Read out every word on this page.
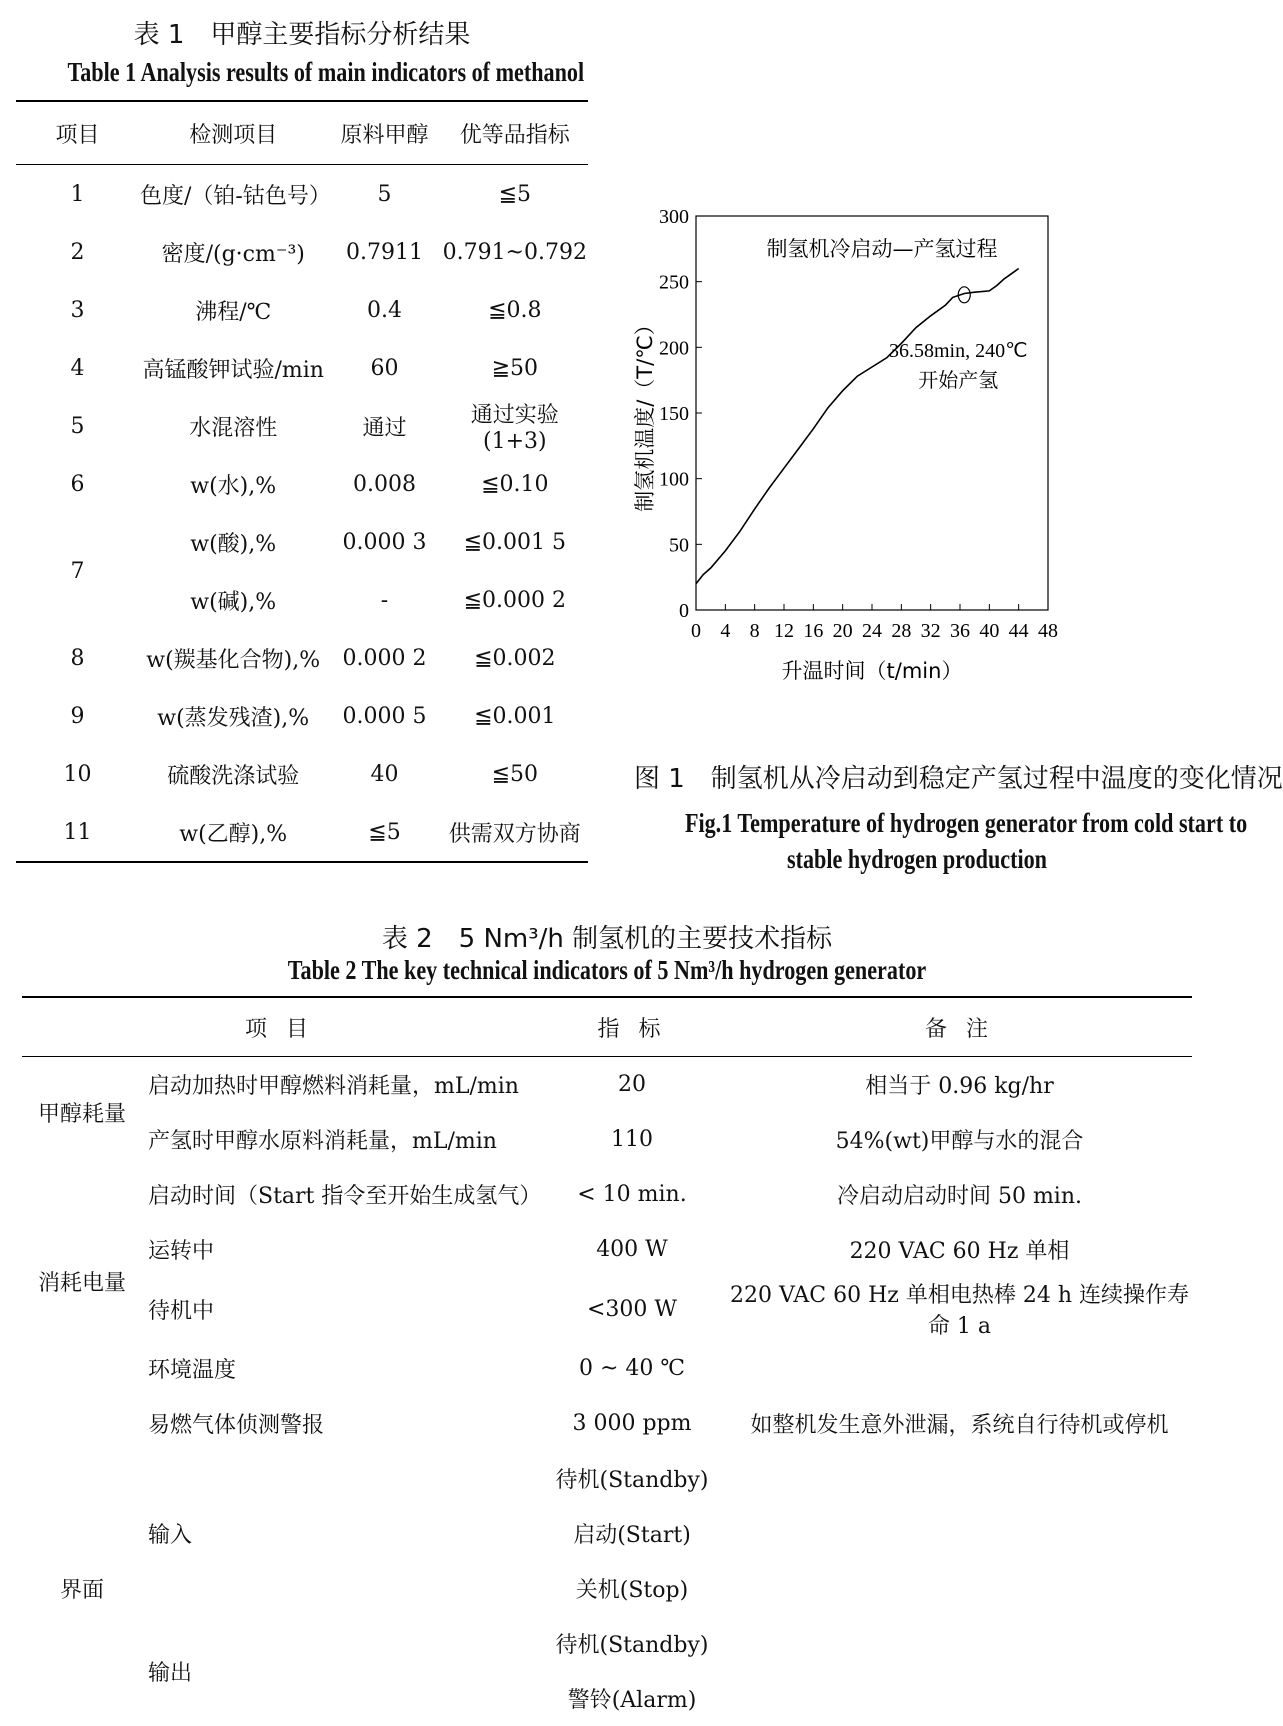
表 1　甲醇主要指标分析结果
Table 1 Analysis results of main indicators of methanol
项目	检测项目	原料甲醇	优等品指标
1	色度/（铂-钴色号）	5	≦5
2	密度/(g·cm⁻³)	0.7911	0.791~0.792
3	沸程/℃	0.4	≦0.8
4	高锰酸钾试验/min	60	≧50
5	水混溶性	通过	通过实验(1+3)
6	w(水),%	0.008	≦0.10
7	w(酸),%	0.000 3	≦0.001 5
	w(碱),%	-	≦0.000 2
8	w(羰基化合物),%	0.000 2	≦0.002
9	w(蒸发残渣),%	0.000 5	≦0.001
10	硫酸洗涤试验	40	≦50
11	w(乙醇),%	≦5	供需双方协商
0 4 8 12 16 20 24 28 32 36 40 44 48
0
50
100
150
200
250
300
制氢机冷启动—产氢过程
36.58min, 240℃
开始产氢
升温时间（t/min）
制氢机温度/（T/℃）
图 1　制氢机从冷启动到稳定产氢过程中温度的变化情况
Fig.1 Temperature of hydrogen generator from cold start to
stable hydrogen production
表 2　5 Nm³/h 制氢机的主要技术指标
Table 2 The key technical indicators of 5 Nm³/h hydrogen generator
项 目		指 标	备 注
甲醇耗量	启动加热时甲醇燃料消耗量，mL/min	20	相当于 0.96 kg/hr
	产氢时甲醇水原料消耗量，mL/min	110	54%(wt)甲醇与水的混合
	启动时间（Start 指令至开始生成氢气）	< 10 min.	冷启动启动时间 50 min.
消耗电量	运转中	400 W	220 VAC 60 Hz 单相
	待机中	<300 W	220 VAC 60 Hz 单相电热棒 24 h 连续操作寿命 1 a
	环境温度	0 ~ 40 ℃	
	易燃气体侦测警报	3 000 ppm	如整机发生意外泄漏，系统自行待机或停机
界面	输入	待机(Standby)	
		启动(Start)	
		关机(Stop)	
	输出	待机(Standby)	
		警铃(Alarm)	
